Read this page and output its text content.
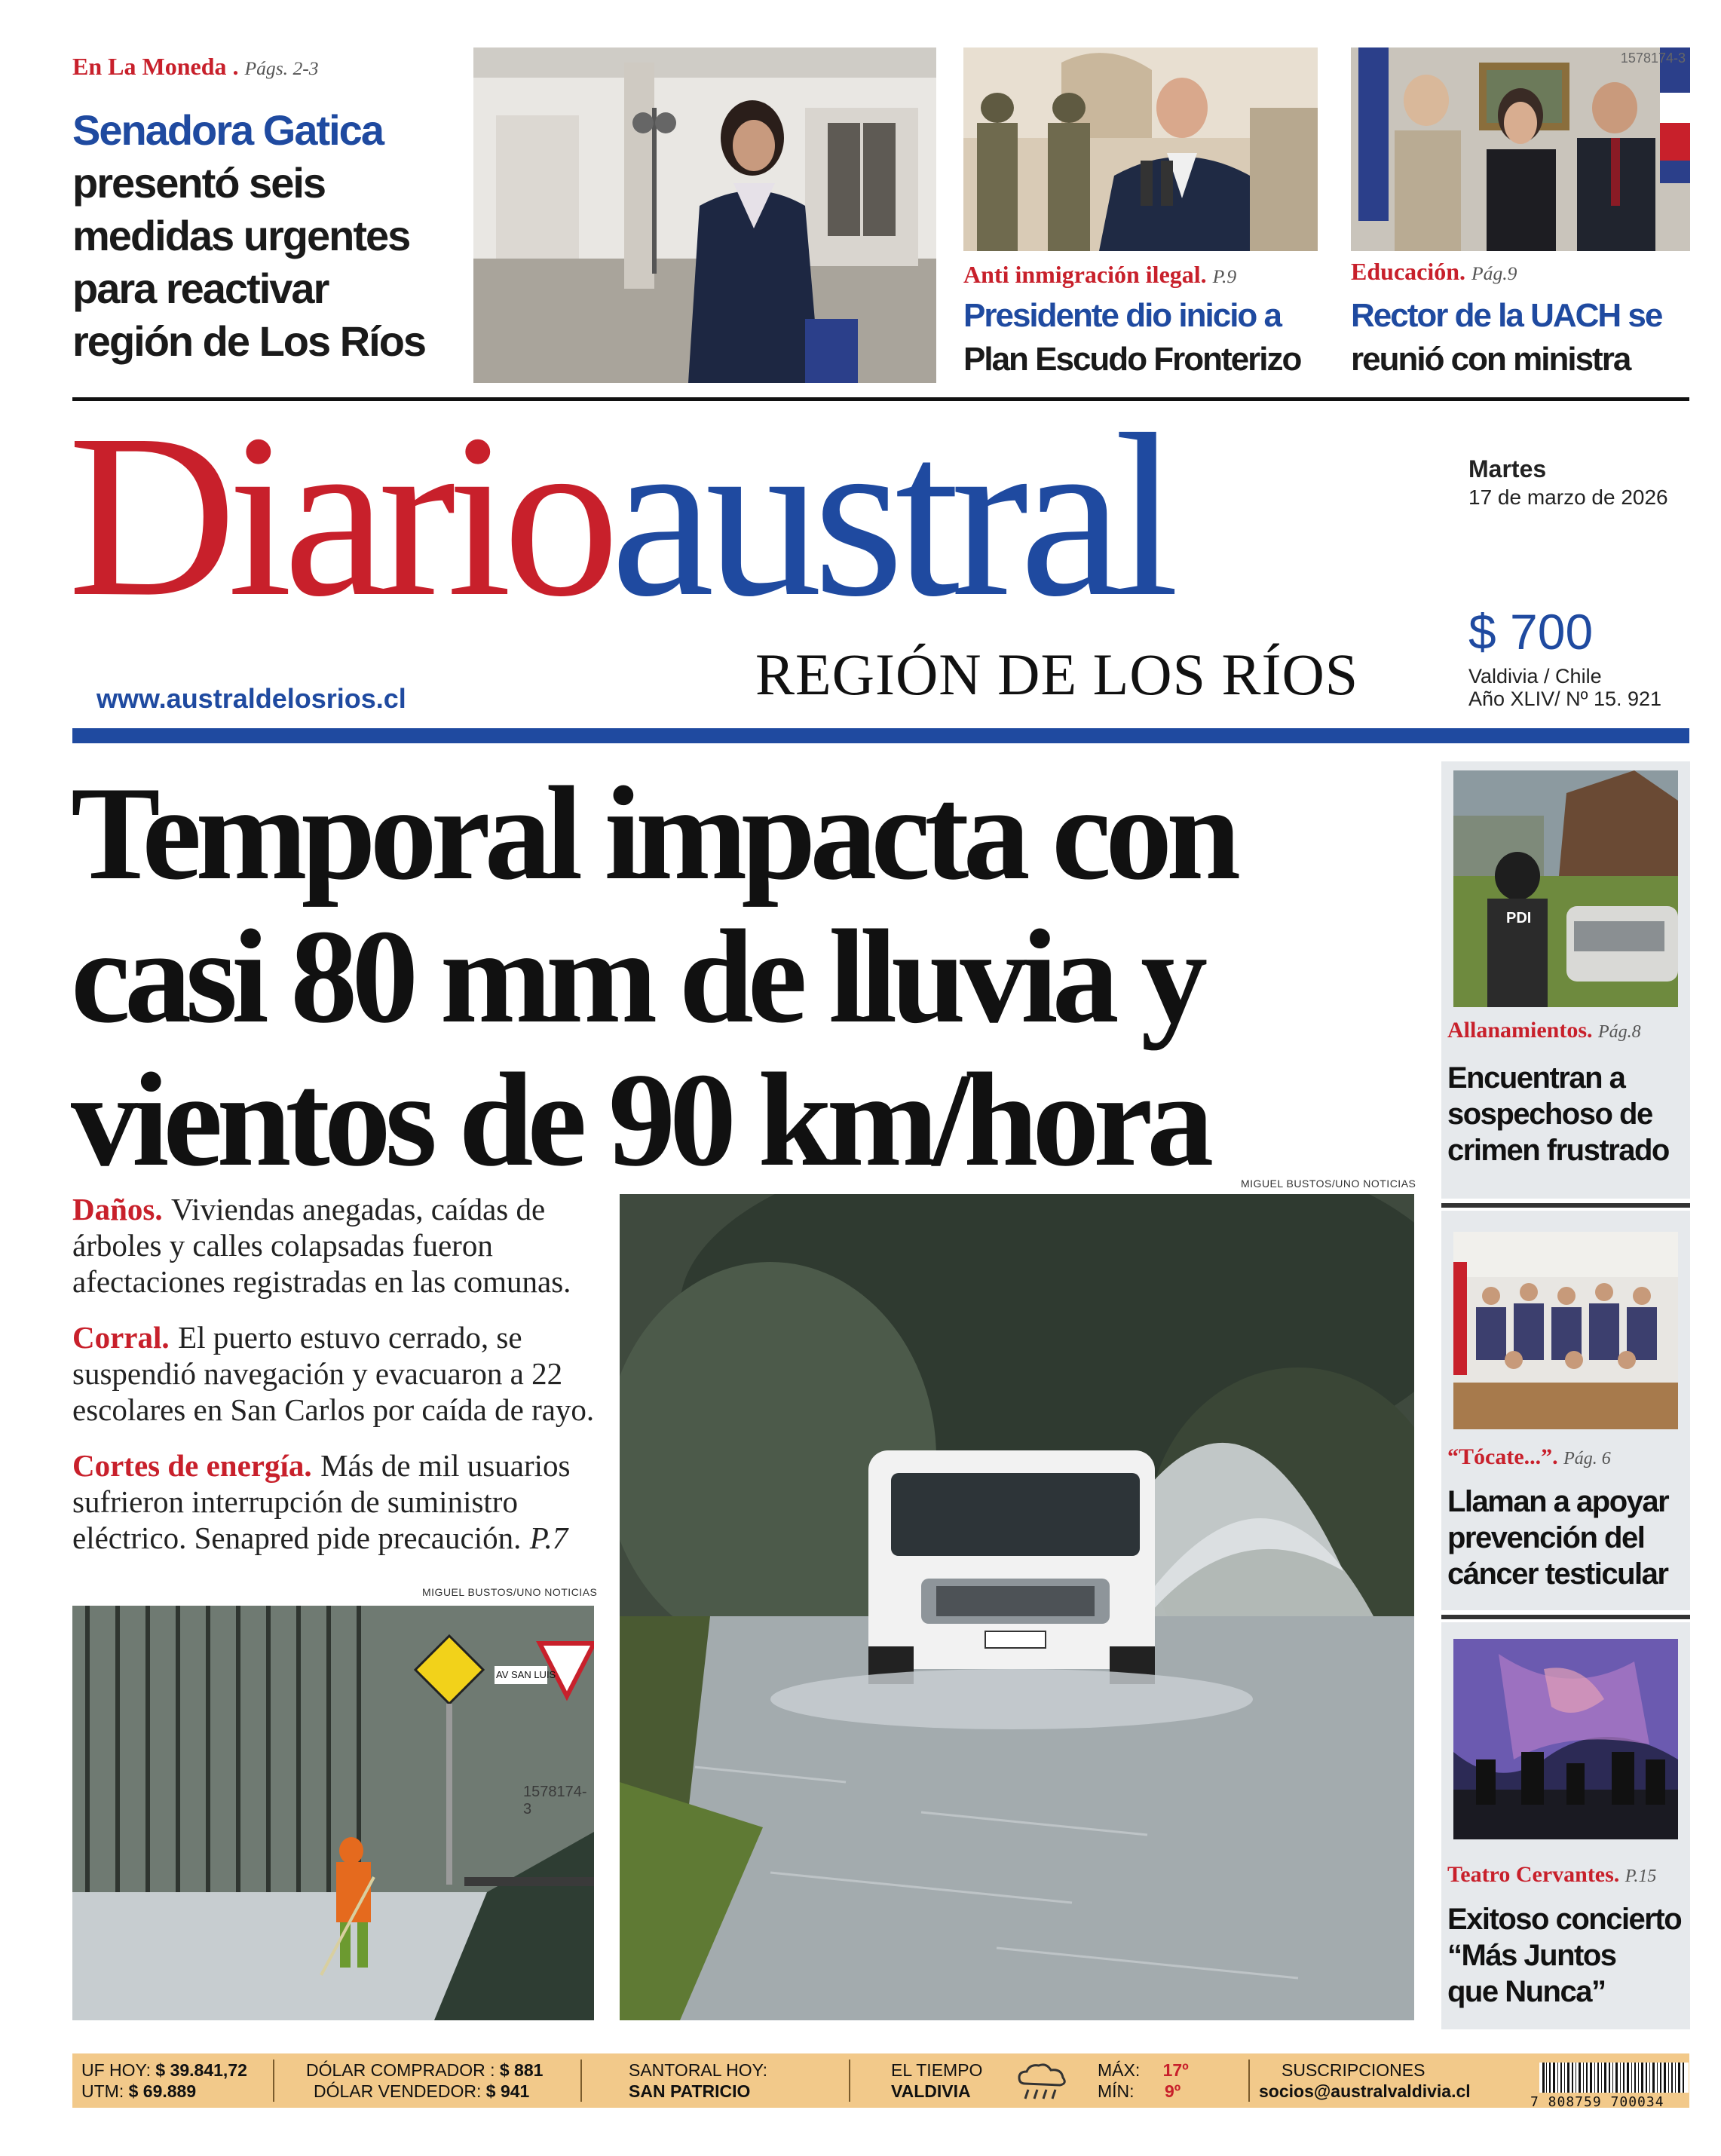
En La Moneda . Págs. 2-3
Senadora Gatica
presentó seis medidas urgentes para reactivar región de Los Ríos
Anti inmigración ilegal. P.9
Presidente dio inicio a
Plan Escudo Fronterizo
1578174-3
Educación. Pág.9
Rector de la UACH se
reunió con ministra
Diarioaustral
REGIÓN DE LOS RÍOS
www.australdelosrios.cl
Martes
17 de marzo de 2026
$ 700
Valdivia / Chile
Año XLIV/ Nº 15. 921
Temporal impacta con
casi 80 mm de lluvia y
vientos de 90 km/hora

Daños. Viviendas anegadas, caídas de árboles y calles colapsadas fueron afectaciones registradas en las comunas.

Corral. El puerto estuvo cerrado, se suspendió navegación y evacuaron a 22 escolares en San Carlos por caída de rayo.

Cortes de energía. Más de mil usuarios sufrieron interrupción de suministro eléctrico. Senapred pide precaución. P.7

MIGUEL BUSTOS/UNO NOTICIAS
AV SAN LUIS
1578174-3
MIGUEL BUSTOS/UNO NOTICIAS
PDI
Allanamientos. Pág.8
Encuentran a
sospechoso de
crimen frustrado
“Tócate...”. Pág. 6
Llaman a apoyar
prevención del
cáncer testicular
Teatro Cervantes. P.15
Exitoso concierto
“Más Juntos
que Nunca”
UF HOY: $ 39.841,72
UTM: $ 69.889
DÓLAR COMPRADOR : $ 881
DÓLAR VENDEDOR: $ 941
SANTORAL HOY:
SAN PATRICIO
EL TIEMPO
VALDIVIA
MÁX: 17º
MÍN: 9º
SUSCRIPCIONES
socios@australvaldivia.cl
7 808759 700034
